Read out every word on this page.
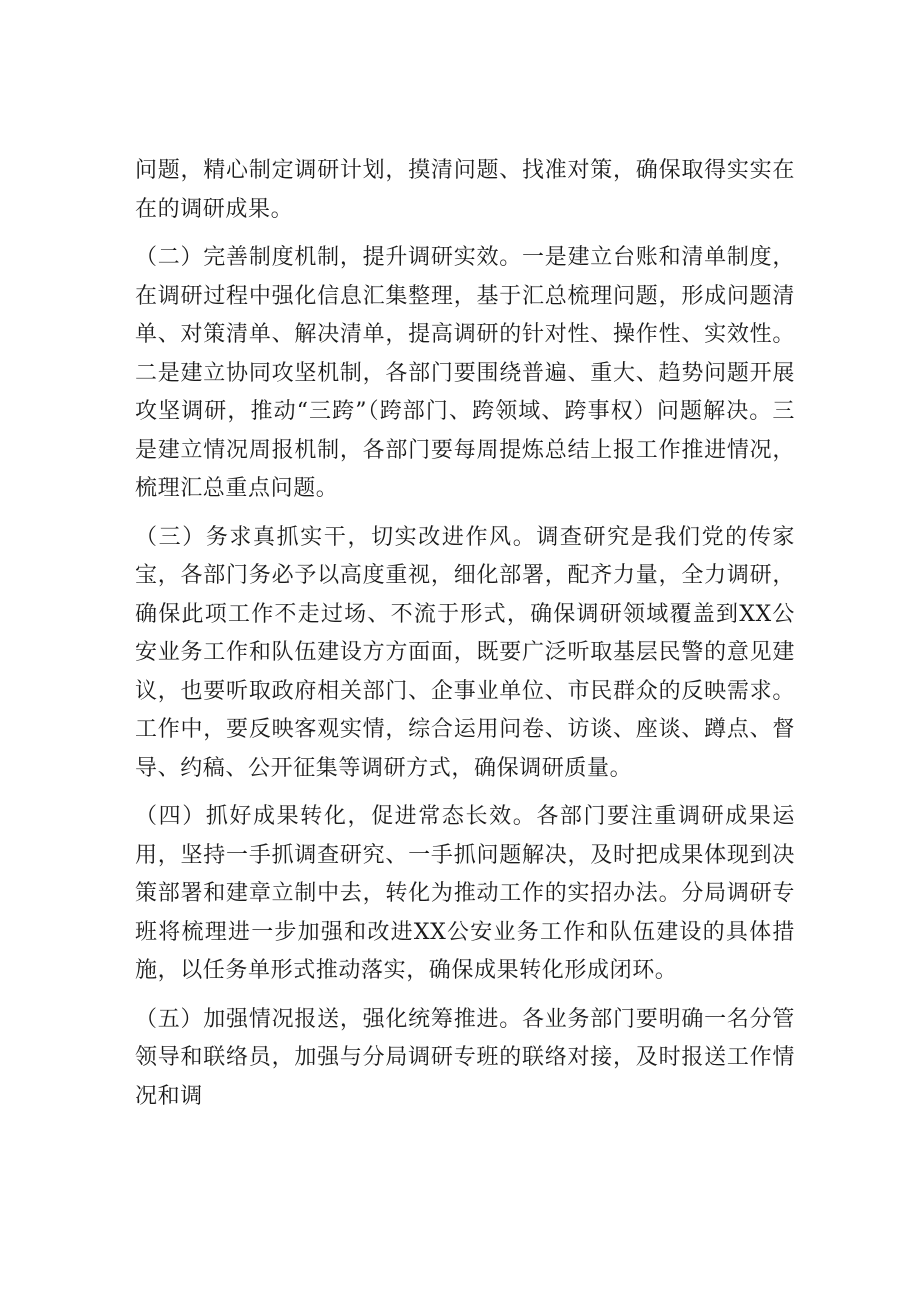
问题，精心制定调研计划，摸清问题、找准对策，确保取得实实在在的调研成果。

（二）完善制度机制，提升调研实效。一是建立台账和清单制度，在调研过程中强化信息汇集整理，基于汇总梳理问题，形成问题清单、对策清单、解决清单，提高调研的针对性、操作性、实效性。二是建立协同攻坚机制，各部门要围绕普遍、重大、趋势问题开展攻坚调研，推动“三跨”（跨部门、跨领域、跨事权）问题解决。三是建立情况周报机制，各部门要每周提炼总结上报工作推进情况，梳理汇总重点问题。

（三）务求真抓实干，切实改进作风。调查研究是我们党的传家宝，各部门务必予以高度重视，细化部署，配齐力量，全力调研，确保此项工作不走过场、不流于形式，确保调研领域覆盖到XX公安业务工作和队伍建设方方面面，既要广泛听取基层民警的意见建议，也要听取政府相关部门、企事业单位、市民群众的反映需求。工作中，要反映客观实情，综合运用问卷、访谈、座谈、蹲点、督导、约稿、公开征集等调研方式，确保调研质量。

（四）抓好成果转化，促进常态长效。各部门要注重调研成果运用，坚持一手抓调查研究、一手抓问题解决，及时把成果体现到决策部署和建章立制中去，转化为推动工作的实招办法。分局调研专班将梳理进一步加强和改进XX公安业务工作和队伍建设的具体措施，以任务单形式推动落实，确保成果转化形成闭环。

（五）加强情况报送，强化统筹推进。各业务部门要明确一名分管领导和联络员，加强与分局调研专班的联络对接，及时报送工作情况和调
